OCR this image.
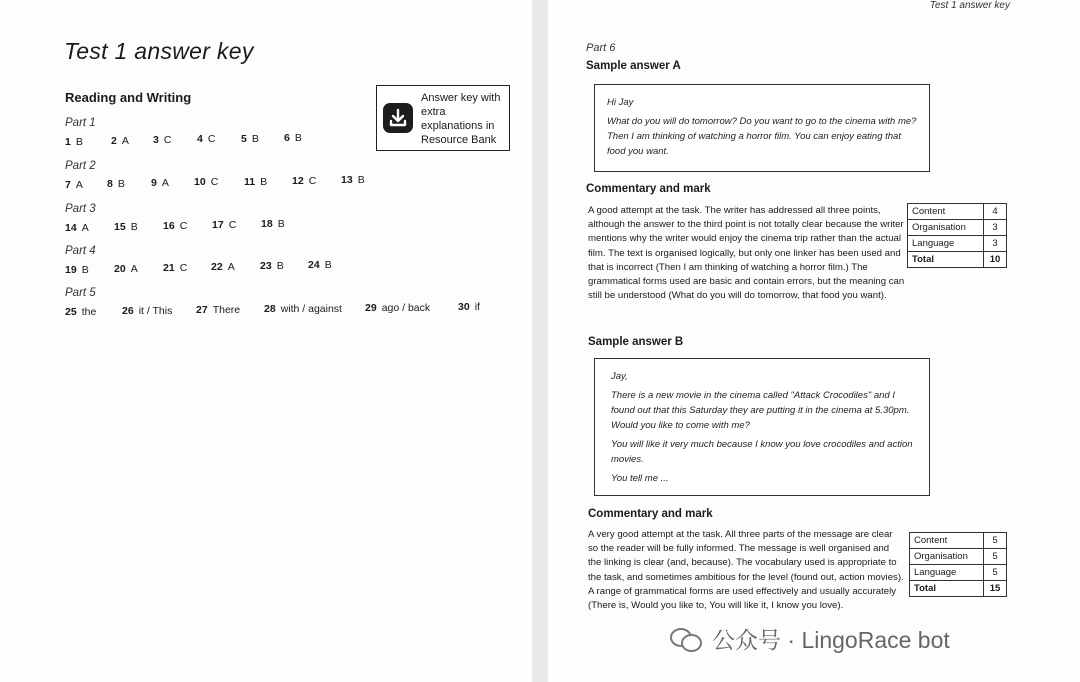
Test 1 answer key
Reading and Writing	Answer key with extra explanations in Resource Bank
Part 1
1 B	2 A 3 C 4 C 5 B 6 B
Part 2
7 A 8 B 9 A 10 C 11 B 12 C 13 B
Part 3
14 A 15 B 16 C 17 C 18 B
Part 4
19 B 20 A 21 C 22 A 23 B 24 B
Part 5
25 the 26 it / This 27 There 28 with / against 29 ago / back	30 if
Test 1 answer key
Part 6
Sample answer A

Hi Jay

What do you will do tomorrow? Do you want to go to the cinema with me? Then I am thinking of watching a horror film. You can enjoy eating that food you want.

Commentary and mark
A good attempt at the task. The writer has addressed all three points, although the answer to the third point is not totally clear because the writer mentions why the writer would enjoy the cinema trip rather than the actual film. The text is organised logically, but only one linker has been used and that is incorrect (Then I am thinking of watching a horror film.) The grammatical forms used are basic and contain errors, but the meaning can still be understood (What do you will do tomorrow, that food you want).
Content	4
Organisation	3
Language	3
Total	10
Sample answer B

Jay,

There is a new movie in the cinema called "Attack Crocodiles" and I found out that this Saturday they are putting it in the cinema at 5.30pm. Would you like to come with me?

You will like it very much because I know you love crocodiles and action movies.

You tell me ...

Commentary and mark
A very good attempt at the task. All three parts of the message are clear so the reader will be fully informed. The message is well organised and the linking is clear (and, because). The vocabulary used is appropriate to the task, and sometimes ambitious for the level (found out, action movies). A range of grammatical forms are used effectively and usually accurately (There is, Would you like to, You will like it, I know you love).
Content	5
Organisation	5
Language	5
Total	15
公众号 · LingoRace bot
